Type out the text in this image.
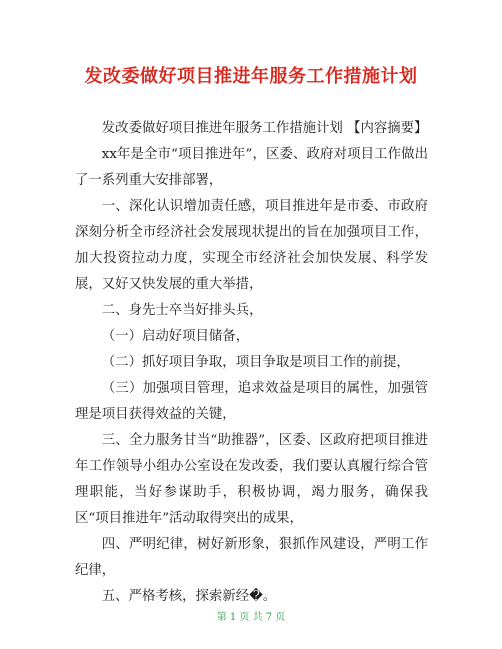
发改委做好项目推进年服务工作措施计划

发改委做好项目推进年服务工作措施计划 【内容摘要】

xx年是全市“项目推进年”，区委、政府对项目工作做出了一系列重大安排部署，

一、深化认识增加责任感，项目推进年是市委、市政府深刻分析全市经济社会发展现状提出的旨在加强项目工作，加大投资拉动力度，实现全市经济社会加快发展、科学发展，又好又快发展的重大举措，

二、身先士卒当好排头兵，

（一）启动好项目储备，

（二）抓好项目争取，项目争取是项目工作的前提，

（三）加强项目管理，追求效益是项目的属性，加强管理是项目获得效益的关键，

三、全力服务甘当“助推器”，区委、区政府把项目推进年工作领导小组办公室设在发改委，我们要认真履行综合管理职能，当好参谋助手，积极协调，竭力服务，确保我区“项目推进年”活动取得突出的成果，

四、严明纪律，树好新形象，狠抓作风建设，严明工作纪律，

五、严格考核，探索新经�。

第 1 页 共 7 页
